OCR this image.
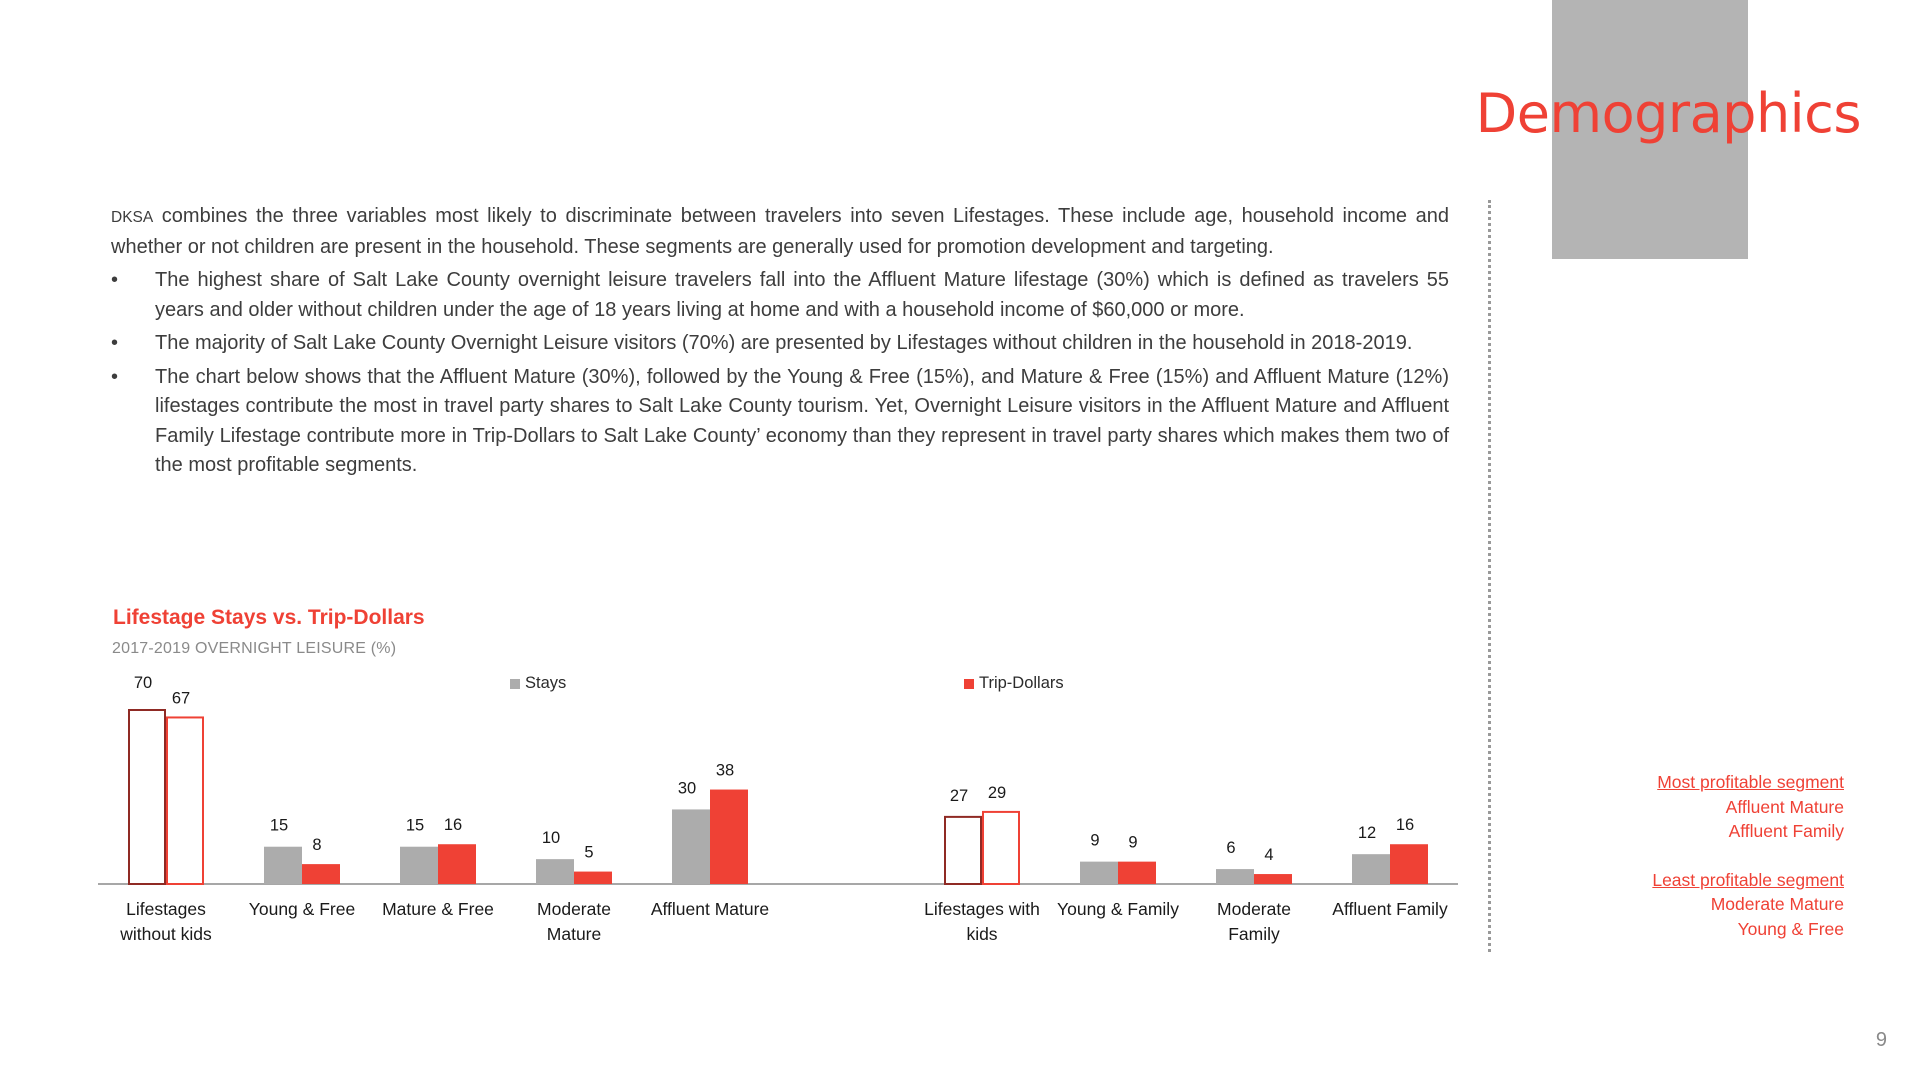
Demographics

DKSA combines the three variables most likely to discriminate between travelers into seven Lifestages. These include age, household income and whether or not children are present in the household. These segments are generally used for promotion development and targeting.

• The highest share of Salt Lake County overnight leisure travelers fall into the Affluent Mature lifestage (30%) which is defined as travelers 55 years and older without children under the age of 18 years living at home and with a household income of $60,000 or more.
• The majority of Salt Lake County Overnight Leisure visitors (70%) are presented by Lifestages without children in the household in 2018-2019.
• The chart below shows that the Affluent Mature (30%), followed by the Young & Free (15%), and Mature & Free (15%) and Affluent Mature (12%) lifestages contribute the most in travel party shares to Salt Lake County tourism. Yet, Overnight Leisure visitors in the Affluent Mature and Affluent Family Lifestage contribute more in Trip-Dollars to Salt Lake County’ economy than they represent in travel party shares which makes them two of the most profitable segments.
Lifestage Stays vs. Trip-Dollars
2017-2019 OVERNIGHT LEISURE (%)
Stays	Trip-Dollars
70
67
Lifestages
without kids
15
8
Young & Free
15 16
Mature & Free
10
5
Moderate
Mature
30
38
Affluent Mature
27 29
Lifestages with
kids
9 9
Young & Family
6 4
Moderate
Family
12 16
Affluent Family
Most profitable segment
Affluent Mature
Affluent Family
Least profitable segment
Moderate Mature
Young & Free
9
